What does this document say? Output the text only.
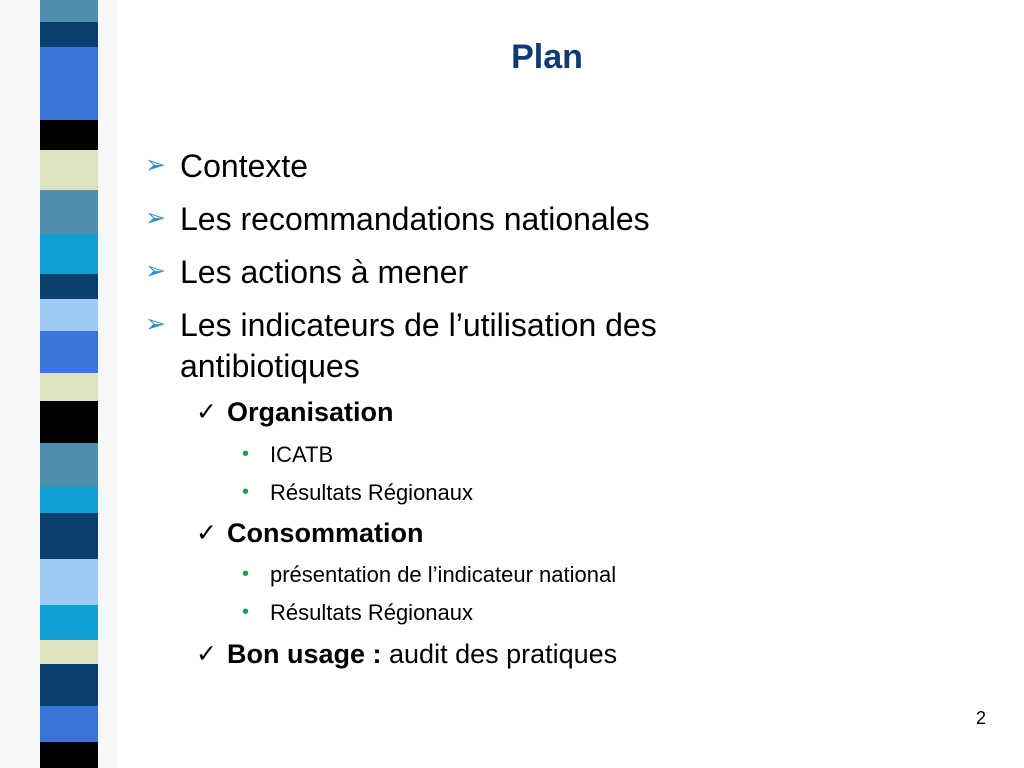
Plan
➢ Contexte
➢ Les recommandations nationales
➢ Les actions à mener
➢ Les indicateurs de l’utilisation des
antibiotiques
✓ Organisation
• ICATB
• Résultats Régionaux
✓ Consommation
• présentation de l’indicateur national
• Résultats Régionaux
✓ Bon usage : audit des pratiques
2
